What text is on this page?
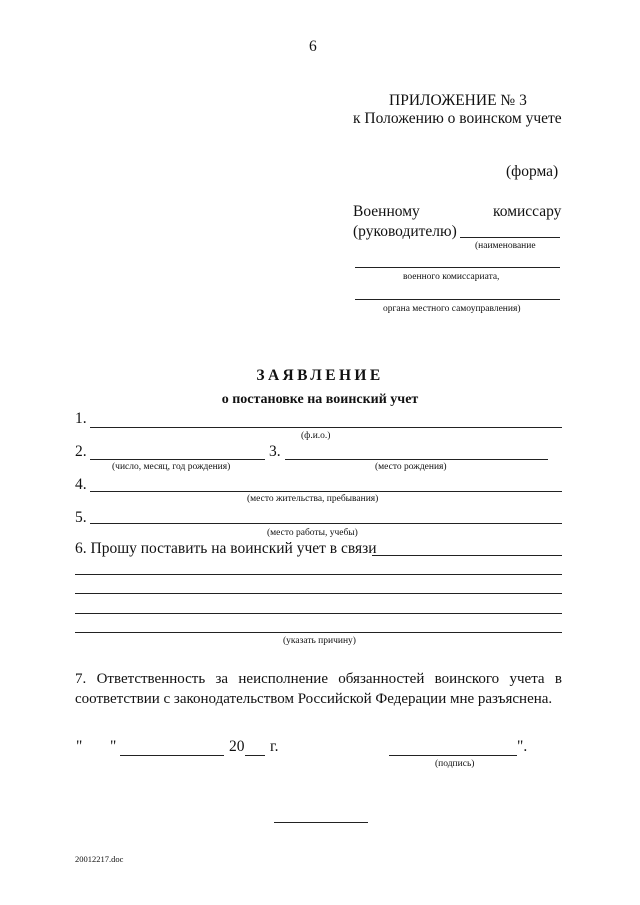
6
ПРИЛОЖЕНИЕ № 3
к Положению о воинском учете
(форма)
Военному	комиссару
(руководителю)
(наименование
военного комиссариата,
органа местного самоуправления)
ЗАЯВЛЕНИЕ
о постановке на воинский учет
1.
(ф.и.о.)
2.	3.
(число, месяц, год рождения)	(место рождения)
4.
(место жительства, пребывания)
5.
(место работы, учебы)
6. Прошу поставить на воинский учет в связи
(указать причину)
7. Ответственность за неисполнение обязанностей воинского учета в
соответствии с законодательством Российской Федерации мне разъяснена.
" "	20 г.	".
(подпись)
20012217.doc
